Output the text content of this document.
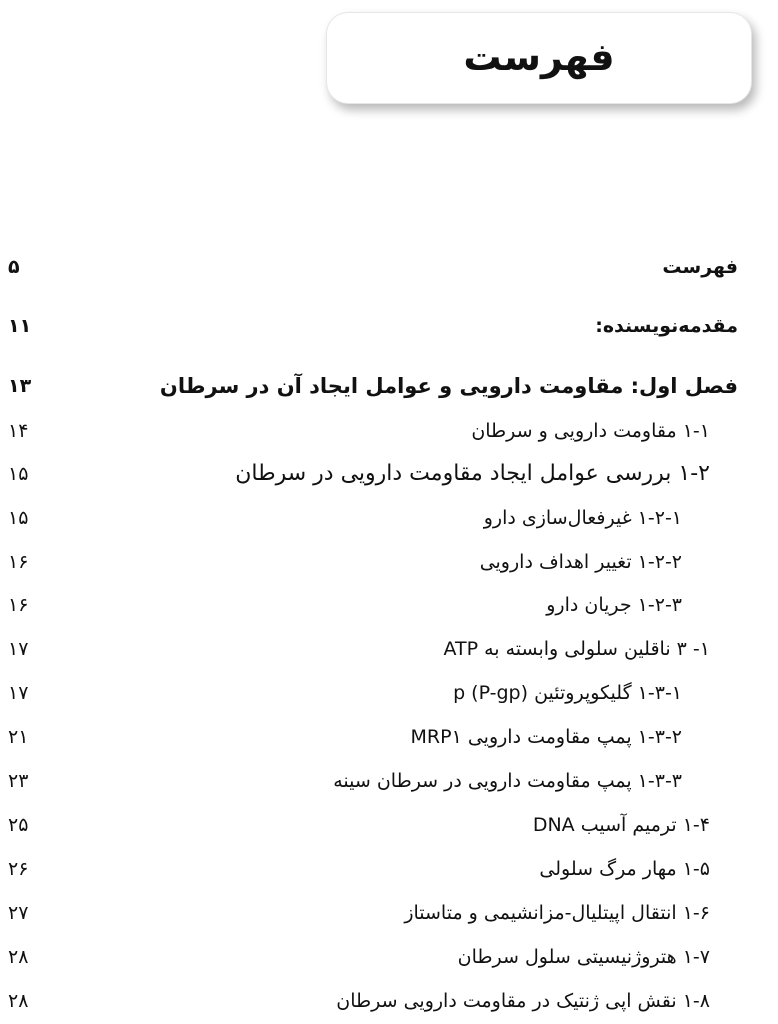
فهرست
فهرست
۵
مقدمه‌نویسنده:
۱۱
فصل اول: مقاومت دارویی و عوامل ایجاد آن در سرطان
۱۳
۱-۱ مقاومت دارویی و سرطان
۱۴
۱-۲ بررسی عوامل ایجاد مقاومت دارویی در سرطان
۱۵
۱-۲-۱ غیرفعال‌سازی دارو
۱۵
۱-۲-۲ تغییر اهداف دارویی
۱۶
۱-۲-۳ جریان دارو
۱۶
۱- ۳ ناقلین سلولی وابسته به ATP
۱۷
۱-۳-۱ گلیکوپروتئین (P-gp) p
۱۷
۱-۳-۲ پمپ مقاومت دارویی MRP۱
۲۱
۱-۳-۳ پمپ مقاومت دارویی در سرطان سینه
۲۳
۱-۴ ترمیم آسیب DNA
۲۵
۱-۵ مهار مرگ سلولی
۲۶
۱-۶ انتقال اپیتلیال-مزانشیمی و متاستاز
۲۷
۱-۷ هتروژنیسیتی سلول سرطان
۲۸
۱-۸ نقش اپی ژنتیک در مقاومت دارویی سرطان
۲۸
